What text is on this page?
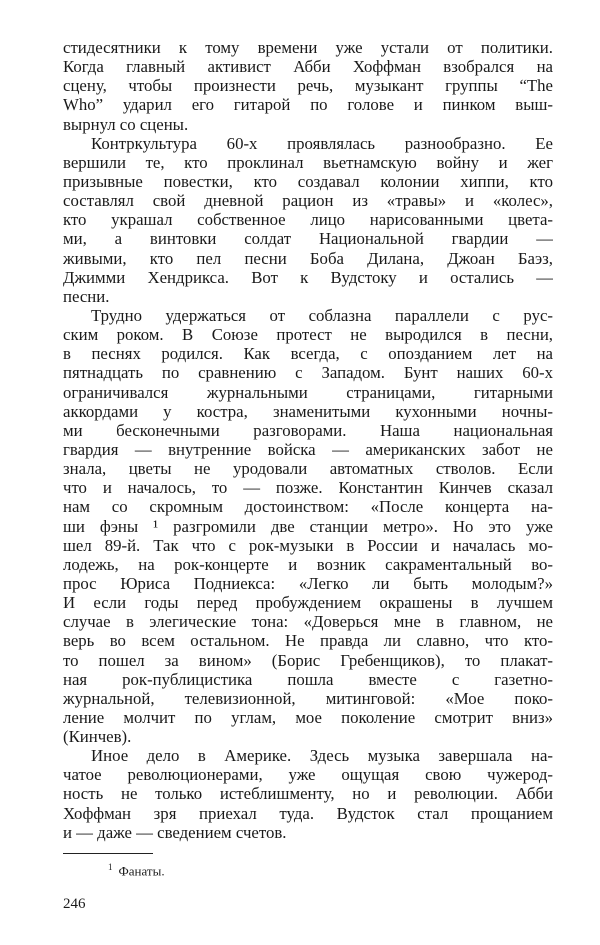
стидесятники к тому времени уже устали от политики.
Когда главный активист Абби Хоффман взобрался на
сцену, чтобы произнести речь, музыкант группы “The
Who” ударил его гитарой по голове и пинком выш-
вырнул со сцены.
Контркультура 60-х проявлялась разнообразно. Ее
вершили те, кто проклинал вьетнамскую войну и жег
призывные повестки, кто создавал колонии хиппи, кто
составлял свой дневной рацион из «травы» и «колес»,
кто украшал собственное лицо нарисованными цвета-
ми, а винтовки солдат Национальной гвардии —
живыми, кто пел песни Боба Дилана, Джоан Баэз,
Джимми Хендрикса. Вот к Вудстоку и остались —
песни.
Трудно удержаться от соблазна параллели с рус-
ским роком. В Союзе протест не выродился в песни,
в песнях родился. Как всегда, с опозданием лет на
пятнадцать по сравнению с Западом. Бунт наших 60-х
ограничивался журнальными страницами, гитарными
аккордами у костра, знаменитыми кухонными ночны-
ми бесконечными разговорами. Наша национальная
гвардия — внутренние войска — американских забот не
знала, цветы не уродовали автоматных стволов. Если
что и началось, то — позже. Константин Кинчев сказал
нам со скромным достоинством: «После концерта на-
ши фэны ¹ разгромили две станции метро». Но это уже
шел 89-й. Так что с рок-музыки в России и началась мо-
лодежь, на рок-концерте и возник сакраментальный во-
прос Юриса Подниекса: «Легко ли быть молодым?»
И если годы перед пробуждением окрашены в лучшем
случае в элегические тона: «Доверься мне в главном, не
верь во всем остальном. Не правда ли славно, что кто-
то пошел за вином» (Борис Гребенщиков), то плакат-
ная рок-публицистика пошла вместе с газетно-
журнальной, телевизионной, митинговой: «Мое поко-
ление молчит по углам, мое поколение смотрит вниз»
(Кинчев).
Иное дело в Америке. Здесь музыка завершала на-
чатое революционерами, уже ощущая свою чужерод-
ность не только истеблишменту, но и революции. Абби
Хоффман зря приехал туда. Вудсток стал прощанием
и — даже — сведением счетов.
$^1$ Фанаты.
246
